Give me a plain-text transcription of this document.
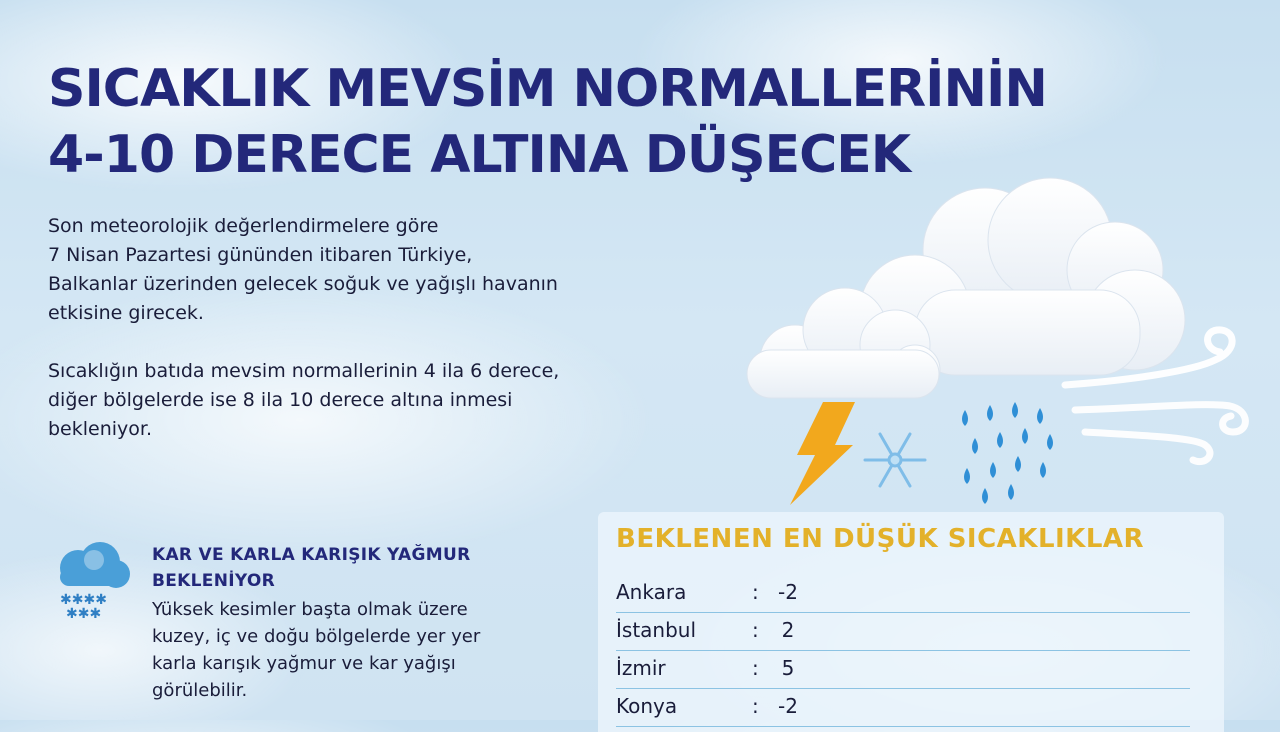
SICAKLIK MEVSİM NORMALLERİNİN
4-10 DERECE ALTINA DÜŞECEK

Son meteorolojik değerlendirmelere göre
7 Nisan Pazartesi gününden itibaren Türkiye,
Balkanlar üzerinden gelecek soğuk ve yağışlı havanın
etkisine girecek.

Sıcaklığın batıda mevsim normallerinin 4 ila 6 derece,
diğer bölgelerde ise 8 ila 10 derece altına inmesi
bekleniyor.

✱✱✱✱
✱✱✱

KAR VE KARLA KARIŞIK YAĞMUR
BEKLENİYOR

Yüksek kesimler başta olmak üzere
kuzey, iç ve doğu bölgelerde yer yer
karla karışık yağmur ve kar yağışı
görülebilir.

BEKLENEN EN DÜŞÜK SICAKLIKLAR
Ankara	: -2
İstanbul	:	2
İzmir	:	5
Konya	: -2
